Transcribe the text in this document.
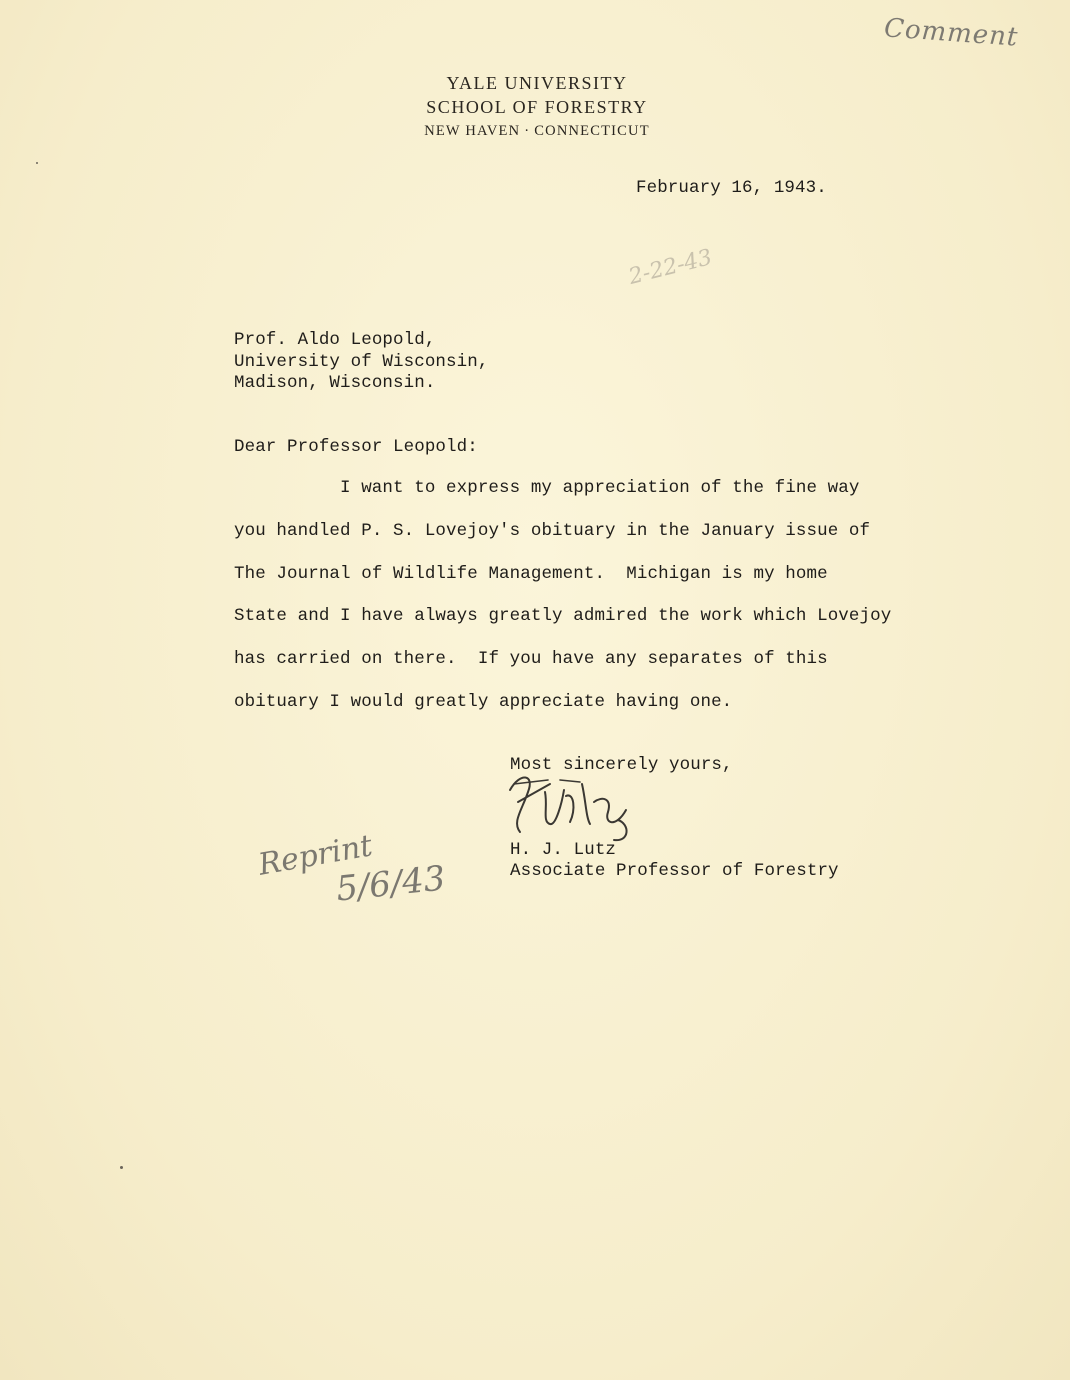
YALE UNIVERSITY
SCHOOL OF FORESTRY
NEW HAVEN · CONNECTICUT
Comment
2-22-43
February 16, 1943.
Prof. Aldo Leopold,
University of Wisconsin,
Madison, Wisconsin.
Dear Professor Leopold:
I want to express my appreciation of the fine way
you handled P. S. Lovejoy's obituary in the January issue of
The Journal of Wildlife Management.  Michigan is my home
State and I have always greatly admired the work which Lovejoy
has carried on there.  If you have any separates of this
obituary I would greatly appreciate having one.
Most sincerely yours,
H. J. Lutz
Associate Professor of Forestry
Reprint
5/6/43
